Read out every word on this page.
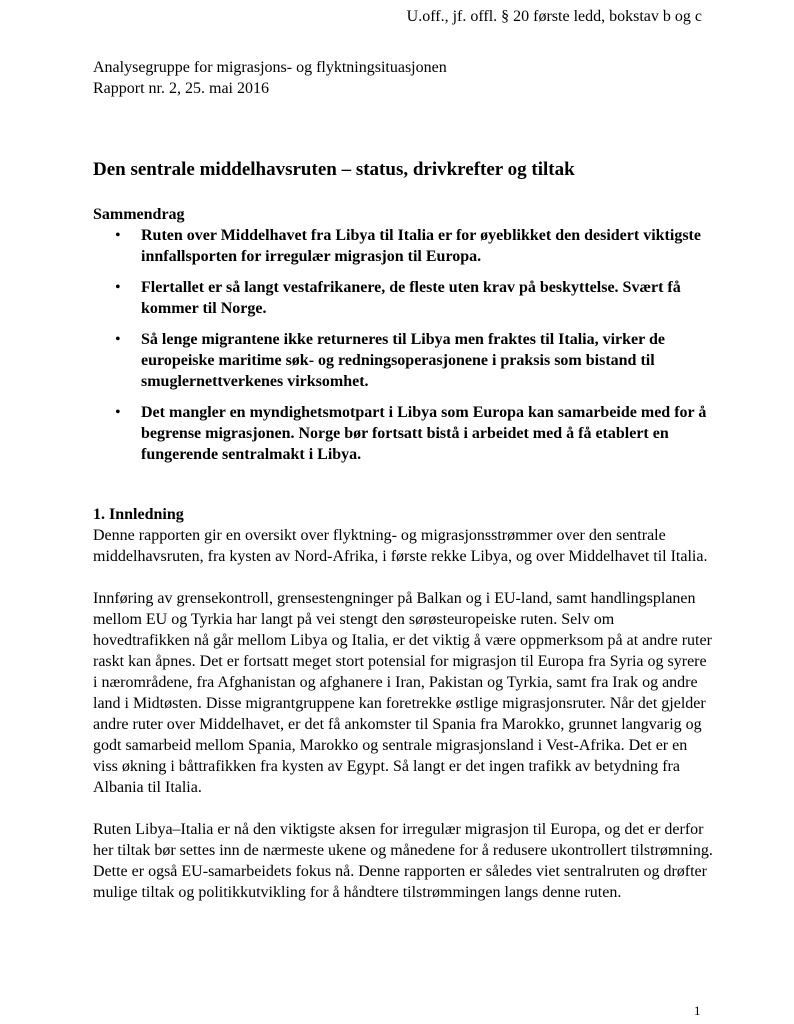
U.off., jf. offl. § 20 første ledd, bokstav b og c
Analysegruppe for migrasjons- og flyktningsituasjonen
Rapport nr. 2, 25. mai 2016
Den sentrale middelhavsruten – status, drivkrefter og tiltak
Sammendrag
• Ruten over Middelhavet fra Libya til Italia er for øyeblikket den desidert viktigste innfallsporten for irregulær migrasjon til Europa.
• Flertallet er så langt vestafrikanere, de fleste uten krav på beskyttelse. Svært få kommer til Norge.
• Så lenge migrantene ikke returneres til Libya men fraktes til Italia, virker de europeiske maritime søk- og redningsoperasjonene i praksis som bistand til smuglernettverkenes virksomhet.
• Det mangler en myndighetsmotpart i Libya som Europa kan samarbeide med for å begrense migrasjonen. Norge bør fortsatt bistå i arbeidet med å få etablert en fungerende sentralmakt i Libya.
1. Innledning

Denne rapporten gir en oversikt over flyktning- og migrasjonsstrømmer over den sentrale middelhavsruten, fra kysten av Nord-Afrika, i første rekke Libya, og over Middelhavet til Italia.

Innføring av grensekontroll, grensestengninger på Balkan og i EU-land, samt handlingsplanen mellom EU og Tyrkia har langt på vei stengt den sørøsteuropeiske ruten. Selv om hovedtrafikken nå går mellom Libya og Italia, er det viktig å være oppmerksom på at andre ruter raskt kan åpnes. Det er fortsatt meget stort potensial for migrasjon til Europa fra Syria og syrere i nærområdene, fra Afghanistan og afghanere i Iran, Pakistan og Tyrkia, samt fra Irak og andre land i Midtøsten. Disse migrantgruppene kan foretrekke østlige migrasjonsruter. Når det gjelder andre ruter over Middelhavet, er det få ankomster til Spania fra Marokko, grunnet langvarig og godt samarbeid mellom Spania, Marokko og sentrale migrasjonsland i Vest-Afrika. Det er en viss økning i båttrafikken fra kysten av Egypt. Så langt er det ingen trafikk av betydning fra Albania til Italia.

Ruten Libya–Italia er nå den viktigste aksen for irregulær migrasjon til Europa, og det er derfor her tiltak bør settes inn de nærmeste ukene og månedene for å redusere ukontrollert tilstrømning. Dette er også EU-samarbeidets fokus nå. Denne rapporten er således viet sentralruten og drøfter mulige tiltak og politikkutvikling for å håndtere tilstrømmingen langs denne ruten.

1
